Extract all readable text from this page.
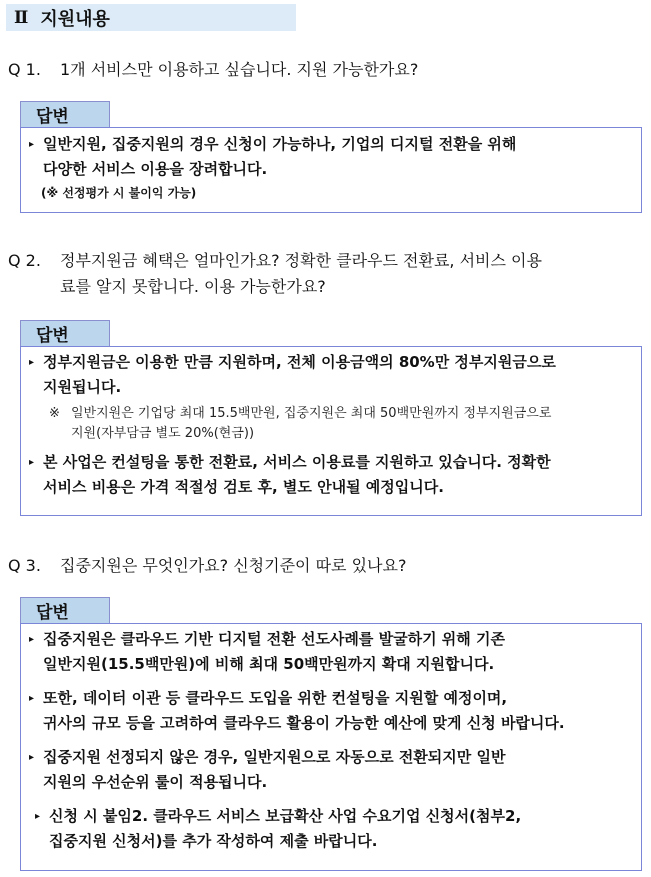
Ⅱ 지원내용
Q 1. 1개 서비스만 이용하고 싶습니다. 지원 가능한가요?
답변
▸ 일반지원, 집중지원의 경우 신청이 가능하나, 기업의 디지털 전환을 위해
다양한 서비스 이용을 장려합니다.
(※ 선정평가 시 불이익 가능)
Q 2. 정부지원금 혜택은 얼마인가요? 정확한 클라우드 전환료, 서비스 이용
료를 알지 못합니다. 이용 가능한가요?
답변
▸ 정부지원금은 이용한 만큼 지원하며, 전체 이용금액의 80%만 정부지원금으로
지원됩니다.
※ 일반지원은 기업당 최대 15.5백만원, 집중지원은 최대 50백만원까지 정부지원금으로
지원(자부담금 별도 20%(현금))
▸ 본 사업은 컨설팅을 통한 전환료, 서비스 이용료를 지원하고 있습니다. 정확한
서비스 비용은 가격 적절성 검토 후, 별도 안내될 예정입니다.
Q 3. 집중지원은 무엇인가요? 신청기준이 따로 있나요?
답변
▸ 집중지원은 클라우드 기반 디지털 전환 선도사례를 발굴하기 위해 기존
일반지원(15.5백만원)에 비해 최대 50백만원까지 확대 지원합니다.
▸ 또한, 데이터 이관 등 클라우드 도입을 위한 컨설팅을 지원할 예정이며,
귀사의 규모 등을 고려하여 클라우드 활용이 가능한 예산에 맞게 신청 바랍니다.
▸ 집중지원 선정되지 않은 경우, 일반지원으로 자동으로 전환되지만 일반
지원의 우선순위 룰이 적용됩니다.
▸ 신청 시 붙임2. 클라우드 서비스 보급확산 사업 수요기업 신청서(첨부2,
집중지원 신청서)를 추가 작성하여 제출 바랍니다.
